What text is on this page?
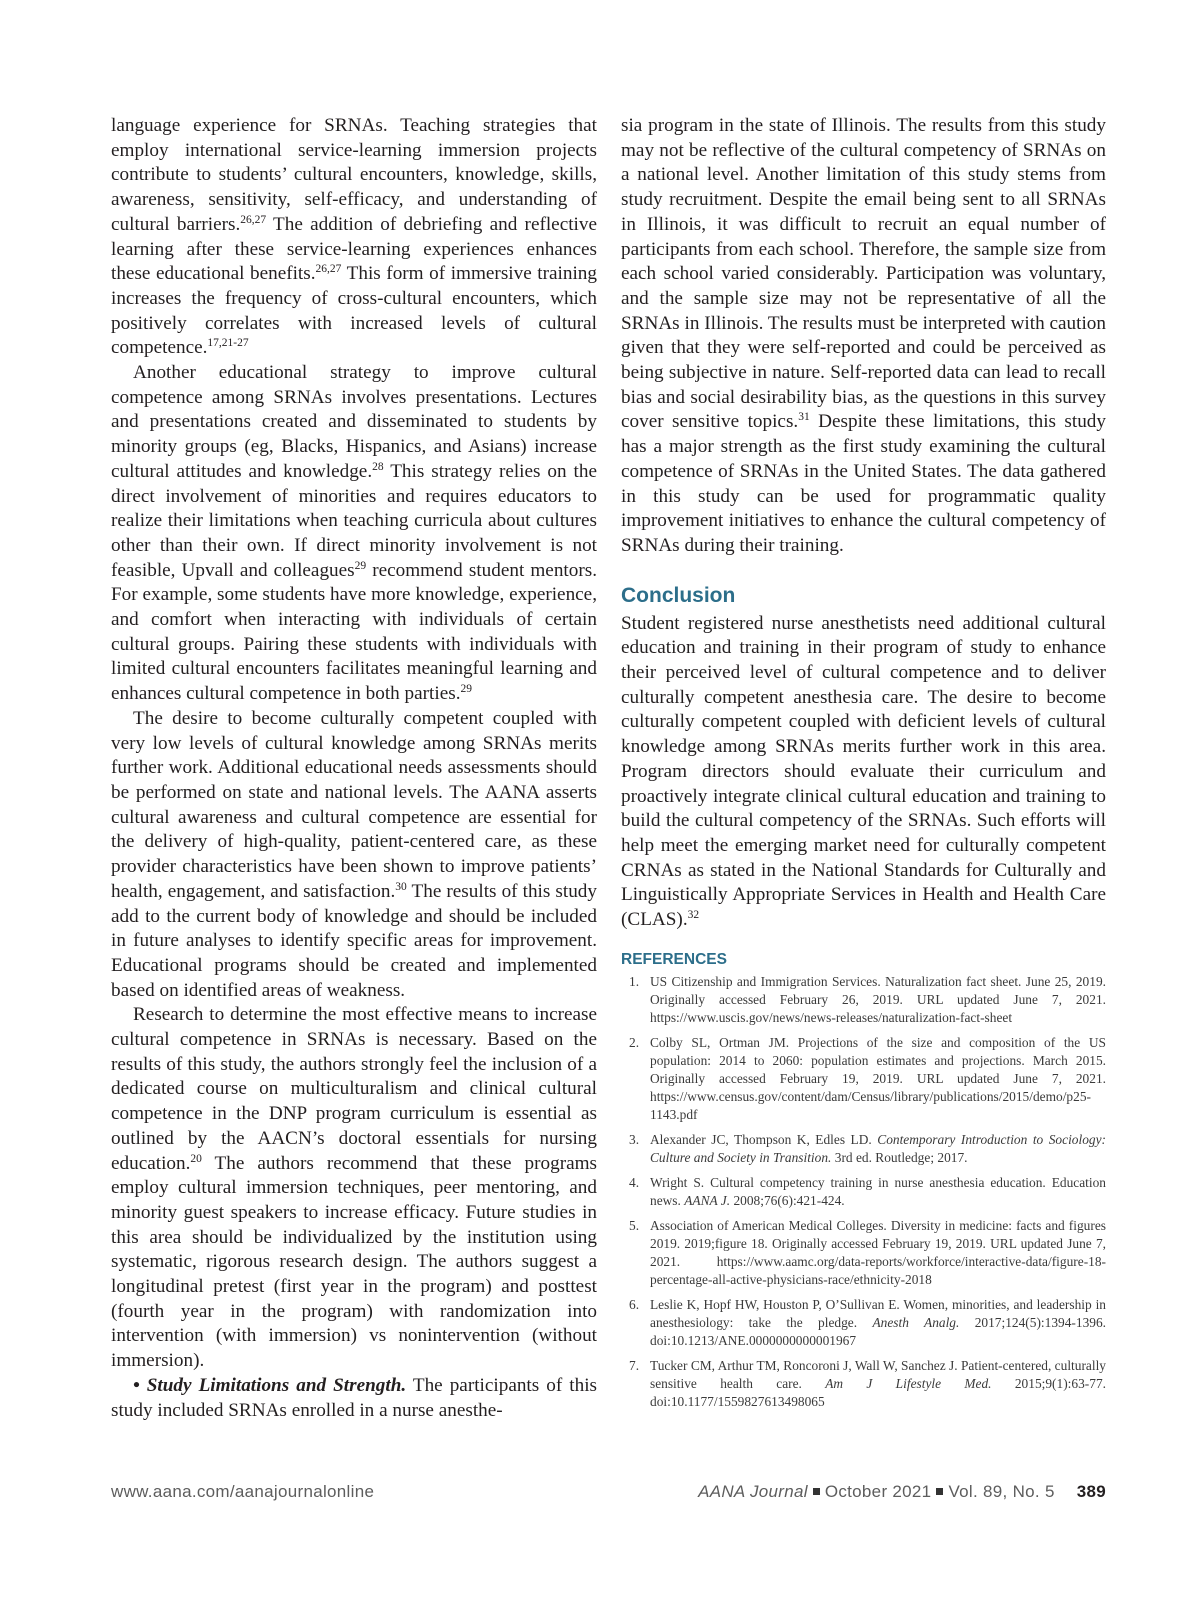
language experience for SRNAs. Teaching strategies that employ international service-learning immersion projects contribute to students’ cultural encounters, knowledge, skills, awareness, sensitivity, self-efficacy, and understanding of cultural barriers.$^{26,27}$ The addition of debriefing and reflective learning after these service-learning experiences enhances these educational benefits.$^{26,27}$ This form of immersive training increases the frequency of cross-cultural encounters, which positively correlates with increased levels of cultural competence.$^{17,21-27}$

Another educational strategy to improve cultural competence among SRNAs involves presentations. Lectures and presentations created and disseminated to students by minority groups (eg, Blacks, Hispanics, and Asians) increase cultural attitudes and knowledge.$^{28}$ This strategy relies on the direct involvement of minorities and requires educators to realize their limitations when teaching curricula about cultures other than their own. If direct minority involvement is not feasible, Upvall and colleagues$^{29}$ recommend student mentors. For example, some students have more knowledge, experience, and comfort when interacting with individuals of certain cultural groups. Pairing these students with individuals with limited cultural encounters facilitates meaningful learning and enhances cultural competence in both parties.$^{29}$

The desire to become culturally competent coupled with very low levels of cultural knowledge among SRNAs merits further work. Additional educational needs assessments should be performed on state and national levels. The AANA asserts cultural awareness and cultural competence are essential for the delivery of high-quality, patient-centered care, as these provider characteristics have been shown to improve patients’ health, engagement, and satisfaction.$^{30}$ The results of this study add to the current body of knowledge and should be included in future analyses to identify specific areas for improvement. Educational programs should be created and implemented based on identified areas of weakness.

Research to determine the most effective means to increase cultural competence in SRNAs is necessary. Based on the results of this study, the authors strongly feel the inclusion of a dedicated course on multiculturalism and clinical cultural competence in the DNP program curriculum is essential as outlined by the AACN’s doctoral essentials for nursing education.$^{20}$ The authors recommend that these programs employ cultural immersion techniques, peer mentoring, and minority guest speakers to increase efficacy. Future studies in this area should be individualized by the institution using systematic, rigorous research design. The authors suggest a longitudinal pretest (first year in the program) and posttest (fourth year in the program) with randomization into intervention (with immersion) vs nonintervention (without immersion).

• Study Limitations and Strength. The participants of this study included SRNAs enrolled in a nurse anesthe-

sia program in the state of Illinois. The results from this study may not be reflective of the cultural competency of SRNAs on a national level. Another limitation of this study stems from study recruitment. Despite the email being sent to all SRNAs in Illinois, it was difficult to recruit an equal number of participants from each school. Therefore, the sample size from each school varied considerably. Participation was voluntary, and the sample size may not be representative of all the SRNAs in Illinois. The results must be interpreted with caution given that they were self-reported and could be perceived as being subjective in nature. Self-reported data can lead to recall bias and social desirability bias, as the questions in this survey cover sensitive topics.$^{31}$ Despite these limitations, this study has a major strength as the first study examining the cultural competence of SRNAs in the United States. The data gathered in this study can be used for programmatic quality improvement initiatives to enhance the cultural competency of SRNAs during their training.

Conclusion

Student registered nurse anesthetists need additional cultural education and training in their program of study to enhance their perceived level of cultural competence and to deliver culturally competent anesthesia care. The desire to become culturally competent coupled with deficient levels of cultural knowledge among SRNAs merits further work in this area. Program directors should evaluate their curriculum and proactively integrate clinical cultural education and training to build the cultural competency of the SRNAs. Such efforts will help meet the emerging market need for culturally competent CRNAs as stated in the National Standards for Culturally and Linguistically Appropriate Services in Health and Health Care (CLAS).$^{32}$

REFERENCES
1. US Citizenship and Immigration Services. Naturalization fact sheet. June 25, 2019. Originally accessed February 26, 2019. URL updated June 7, 2021. https://www.uscis.gov/news/news-releases/naturalization-fact-sheet
2. Colby SL, Ortman JM. Projections of the size and composition of the US population: 2014 to 2060: population estimates and projections. March 2015. Originally accessed February 19, 2019. URL updated June 7, 2021. https://www.census.gov/content/dam/Census/library/publications/2015/demo/p25-1143.pdf
3. Alexander JC, Thompson K, Edles LD. Contemporary Introduction to Sociology: Culture and Society in Transition. 3rd ed. Routledge; 2017.
4. Wright S. Cultural competency training in nurse anesthesia education. Education news. AANA J. 2008;76(6):421-424.
5. Association of American Medical Colleges. Diversity in medicine: facts and figures 2019. 2019;figure 18. Originally accessed February 19, 2019. URL updated June 7, 2021. https://www.aamc.org/data-reports/workforce/interactive-data/figure-18-percentage-all-active-physicians-race/ethnicity-2018
6. Leslie K, Hopf HW, Houston P, O’Sullivan E. Women, minorities, and leadership in anesthesiology: take the pledge. Anesth Analg. 2017;124(5):1394-1396. doi:10.1213/ANE.0000000000001967
7. Tucker CM, Arthur TM, Roncoroni J, Wall W, Sanchez J. Patient-centered, culturally sensitive health care. Am J Lifestyle Med. 2015;9(1):63-77. doi:10.1177/1559827613498065
www.aana.com/aanajournalonline	AANA Journal October 2021 Vol. 89, No. 5 389
